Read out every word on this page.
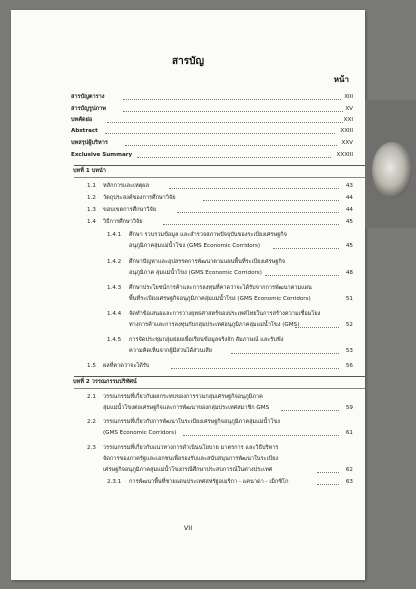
สารบัญ
หน้า
สารบัญตาราง	XIII
สารบัญรูปภาพ	XV
บทคัดย่อ	XXI
Abstract	XXIII
บทสรุปผู้บริหาร	XXV
Exclusive Summary	XXXIII
บทที่ 1 บทนำ
1.1 หลักการและเหตุผล	43
1.2 วัตถุประสงค์ของการศึกษาวิจัย	44
1.3 ขอบเขตการศึกษาวิจัย	44
1.4 วิธีการศึกษาวิจัย	45
1.4.1 ศึกษา รวบรวมข้อมูล และสำรวจสภาพปัจจุบันของระเบียงเศรษฐกิจ
อนุภูมิภาคลุ่มแม่น้ำโขง (GMS Economic Corridors)	45
1.4.2 ศึกษาปัญหาและอุปสรรคการพัฒนาตามแผนพื้นที่ระเบียงเศรษฐกิจ
อนุภูมิภาค ลุ่มแม่น้ำโขง (GMS Economic Corridors)	48
1.4.3 ศึกษาประโยชน์การค้าและการลงทุนที่คาดว่าจะได้รับจากการพัฒนาตามแผน
พื้นที่ระเบียงเศรษฐกิจอนุภูมิภาคลุ่มแม่น้ำโขง (GMS Economic Corridors)	51
1.4.4 จัดทำข้อเสนอและการวางยุทธศาสตร์ของประเทศไทยในการสร้างความเชื่อมโยง
ทางการค้าและการลงทุนกับกลุ่มประเทศอนุภูมิภาคลุ่มแม่น้ำโขง (GMS)	52
1.4.5 การจัดประชุมกลุ่มย่อยเพื่อเรียนข้อมูลจริงจัก สัมภาษณ์ และรับฟัง
ความคิดเห็นจากผู้มีส่วนได้ส่วนเสีย	53
1.5 ผลที่คาดว่าจะได้รับ	56
บทที่ 2 วรรณกรรมปริทัศน์
2.1 วรรณกรรมที่เกี่ยวกับผลกระทบของการรวมกลุ่มเศรษฐกิจอนุภูมิภาค
ลุ่มแม่น้ำโขงต่อเศรษฐกิจและการพัฒนาของกลุ่มประเทศสมาชิก GMS	59
2.2 วรรณกรรมที่เกี่ยวกับการพัฒนาในระเบียงเศรษฐกิจอนุภูมิภาคลุ่มแม่น้ำโขง
(GMS Economic Corridors)	61
2.3 วรรณกรรมที่เกี่ยวกับแนวทางการดำเนินนโยบาย มาตรการ และวิธีบริหาร
จัดการของภาครัฐและเอกชนเพื่อรองรับและสนับสนุนการพัฒนาในระเบียง
เศรษฐกิจอนุภูมิภาคลุ่มแม่น้ำโขงกรณีศึกษาประสบการณ์ในต่างประเทศ	62
2.3.1 การพัฒนาพื้นที่ชายแดนประเทศสหรัฐอเมริกา - แคนาดา - เม็กซิโก	63
VII
